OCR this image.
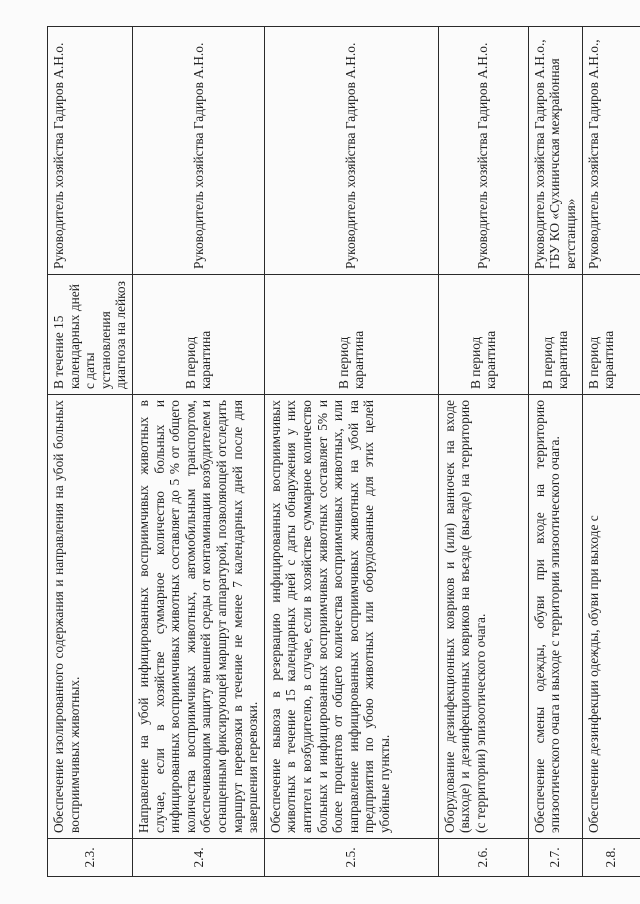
2.3.	Обеспечение изолированного содержания и направления на убой больных восприимчивых животных.	В течение 15 календарных дней с даты установления диагноза на лейкоз	Руководитель хозяйства Гадиров А.Н.о.
2.4.	Направление на убой инфицированных восприимчивых животных в случае, если в хозяйстве суммарное количество больных и инфицированных восприимчивых животных составляет до 5 % от общего количества восприимчивых животных, автомобильным транспортом, обеспечивающим защиту внешней среды от контаминации возбудителем и оснащенным фиксирующей маршрут аппаратурой, позволяющей отследить маршрут перевозки в течение не менее 7 календарных дней после дня завершения перевозки.	В период карантина	Руководитель хозяйства Гадиров А.Н.о.
2.5.	Обеспечение вывоза в резервацию инфицированных восприимчивых животных в течение 15 календарных дней с даты обнаружения у них антител к возбудителю, в случае, если в хозяйстве суммарное количество больных и инфицированных восприимчивых животных составляет 5% и более процентов от общего количества восприимчивых животных, или направление инфицированных восприимчивых животных на убой на предприятия по убою животных или оборудованные для этих целей убойные пункты.	В период карантина	Руководитель хозяйства Гадиров А.Н.о.
2.6.	Оборудование дезинфекционных ковриков и (или) ванночек на входе (выходе) и дезинфекционных ковриков на въезде (выезде) на территорию (с территории) эпизоотического очага.	В период карантина	Руководитель хозяйства Гадиров А.Н.о.
2.7.	Обеспечение смены одежды, обуви при входе на территорию эпизоотического очага и выходе с территории эпизоотического очага.	В период карантина	Руководитель хозяйства Гадиров А.Н.о., ГБУ КО «Сухиничская межрайонная ветстанция»
2.8.	Обеспечение дезинфекции одежды, обуви при выходе с	В период карантина	Руководитель хозяйства Гадиров А.Н.о.,
